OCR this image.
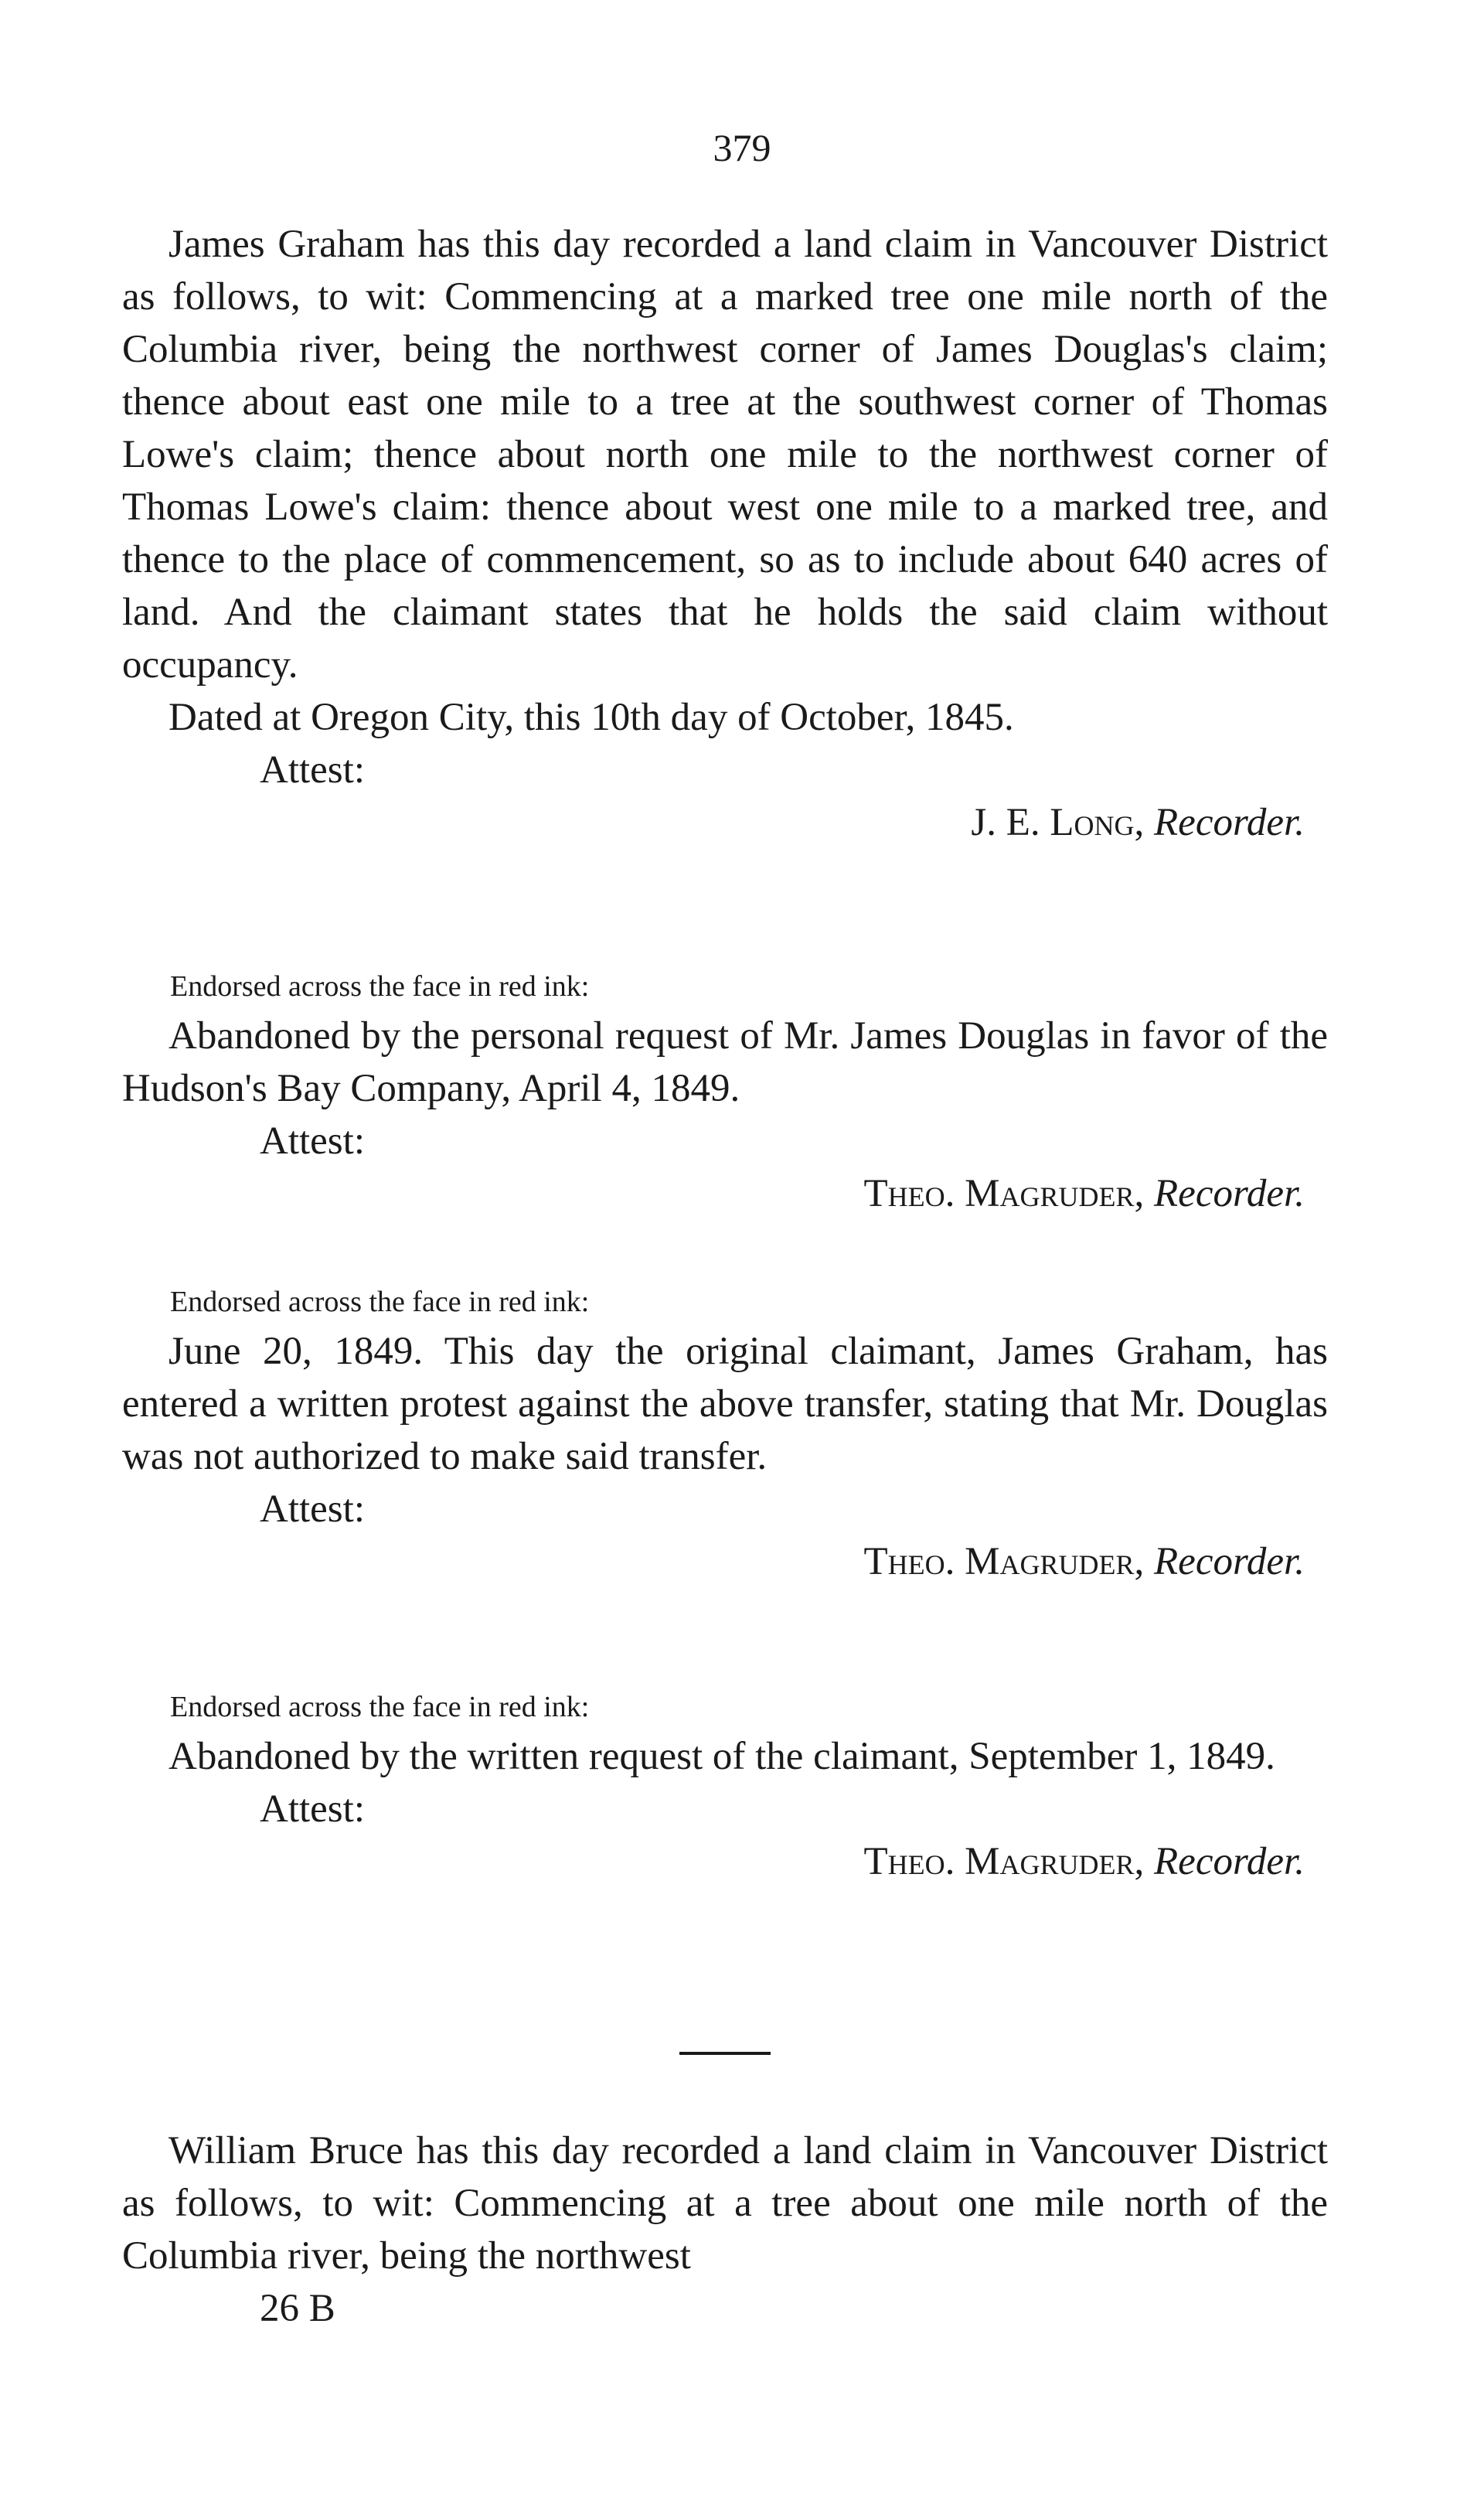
379

James Graham has this day recorded a land claim in Vancouver District as follows, to wit: Commencing at a marked tree one mile north of the Columbia river, being the northwest corner of James Douglas's claim; thence about east one mile to a tree at the southwest corner of Thomas Lowe's claim; thence about north one mile to the northwest corner of Thomas Lowe's claim: thence about west one mile to a marked tree, and thence to the place of commencement, so as to include about 640 acres of land. And the claimant states that he holds the said claim without occupancy.

Dated at Oregon City, this 10th day of October, 1845.

Attest:

J. E. Long, Recorder.

Endorsed across the face in red ink:

Abandoned by the personal request of Mr. James Douglas in favor of the Hudson's Bay Company, April 4, 1849.

Attest:

Theo. Magruder, Recorder.

Endorsed across the face in red ink:

June 20, 1849. This day the original claimant, James Graham, has entered a written protest against the above transfer, stating that Mr. Douglas was not authorized to make said transfer.

Attest:

Theo. Magruder, Recorder.

Endorsed across the face in red ink:

Abandoned by the written request of the claimant, September 1, 1849.

Attest:

Theo. Magruder, Recorder.

William Bruce has this day recorded a land claim in Vancouver District as follows, to wit: Commencing at a tree about one mile north of the Columbia river, being the northwest

26 B
